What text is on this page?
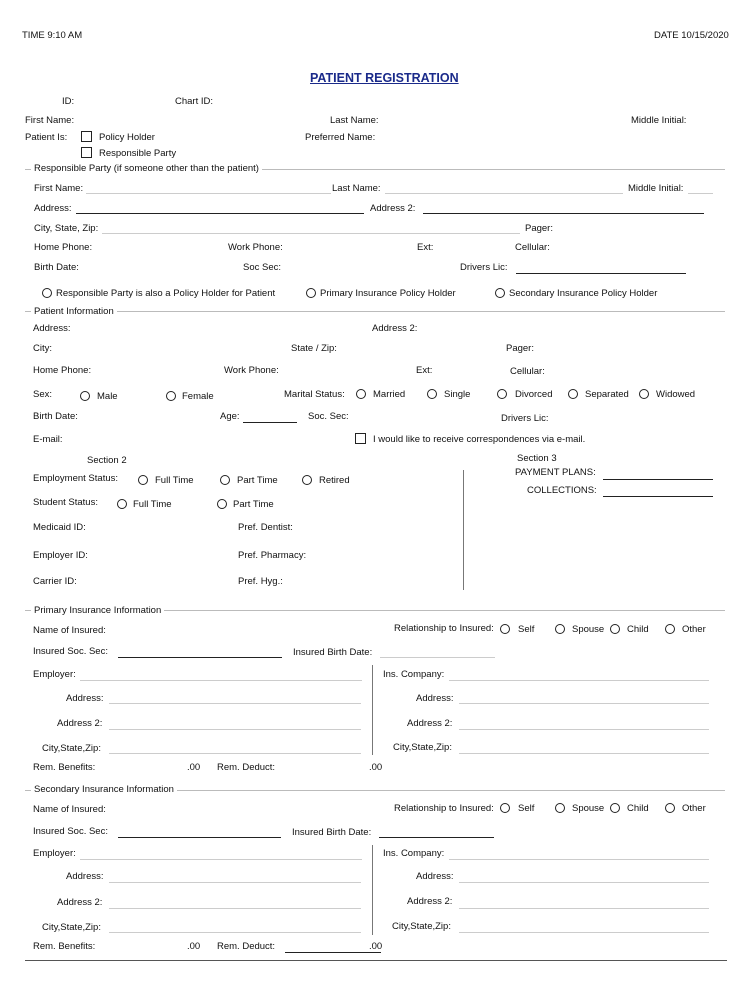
TIME 9:10 AM	DATE 10/15/2020
PATIENT REGISTRATION
ID:	Chart ID:
First Name:	Last Name:	Middle Initial:
Patient Is:	Policy Holder	Preferred Name:
Responsible Party
Responsible Party (if someone other than the patient)
First Name:	Last Name:	Middle Initial:
Address:	Address 2:
City, State, Zip:	Pager:
Home Phone:	Work Phone:	Ext:	Cellular:
Birth Date:	Soc Sec:	Drivers Lic:
Responsible Party is also a Policy Holder for Patient	Primary Insurance Policy Holder	Secondary Insurance Policy Holder
Patient Information
Address:	Address 2:
City:	State / Zip:	Pager:
Home Phone:	Work Phone:	Ext:	Cellular:
Sex:	Male	Female	Marital Status:	Married	Single	Divorced	Separated	Widowed
Birth Date:	Age:	Soc. Sec:	Drivers Lic:
E-mail:	I would like to receive correspondences via e-mail.
Section 2	Section 3
PAYMENT PLANS:
COLLECTIONS:
Employment Status:	Full Time	Part Time	Retired
Student Status:	Full Time	Part Time
Medicaid ID:	Pref. Dentist:
Employer ID:	Pref. Pharmacy:
Carrier ID:	Pref. Hyg.:
Primary Insurance Information
Name of Insured:	Relationship to Insured:	Self	Spouse Child	Other
Insured Soc. Sec:	Insured Birth Date:
Employer:	Ins. Company:
Address:	Address:
Address 2:	Address 2:
City,State,Zip:	City,State,Zip:
Rem. Benefits:	.00 Rem. Deduct:	.00
Secondary Insurance Information
Name of Insured:	Relationship to Insured:	Self	Spouse Child	Other
Insured Soc. Sec:	Insured Birth Date:
Employer:	Ins. Company:
Address:	Address:
Address 2:	Address 2:
City,State,Zip:	City,State,Zip:
Rem. Benefits:	.00 Rem. Deduct:	.00
